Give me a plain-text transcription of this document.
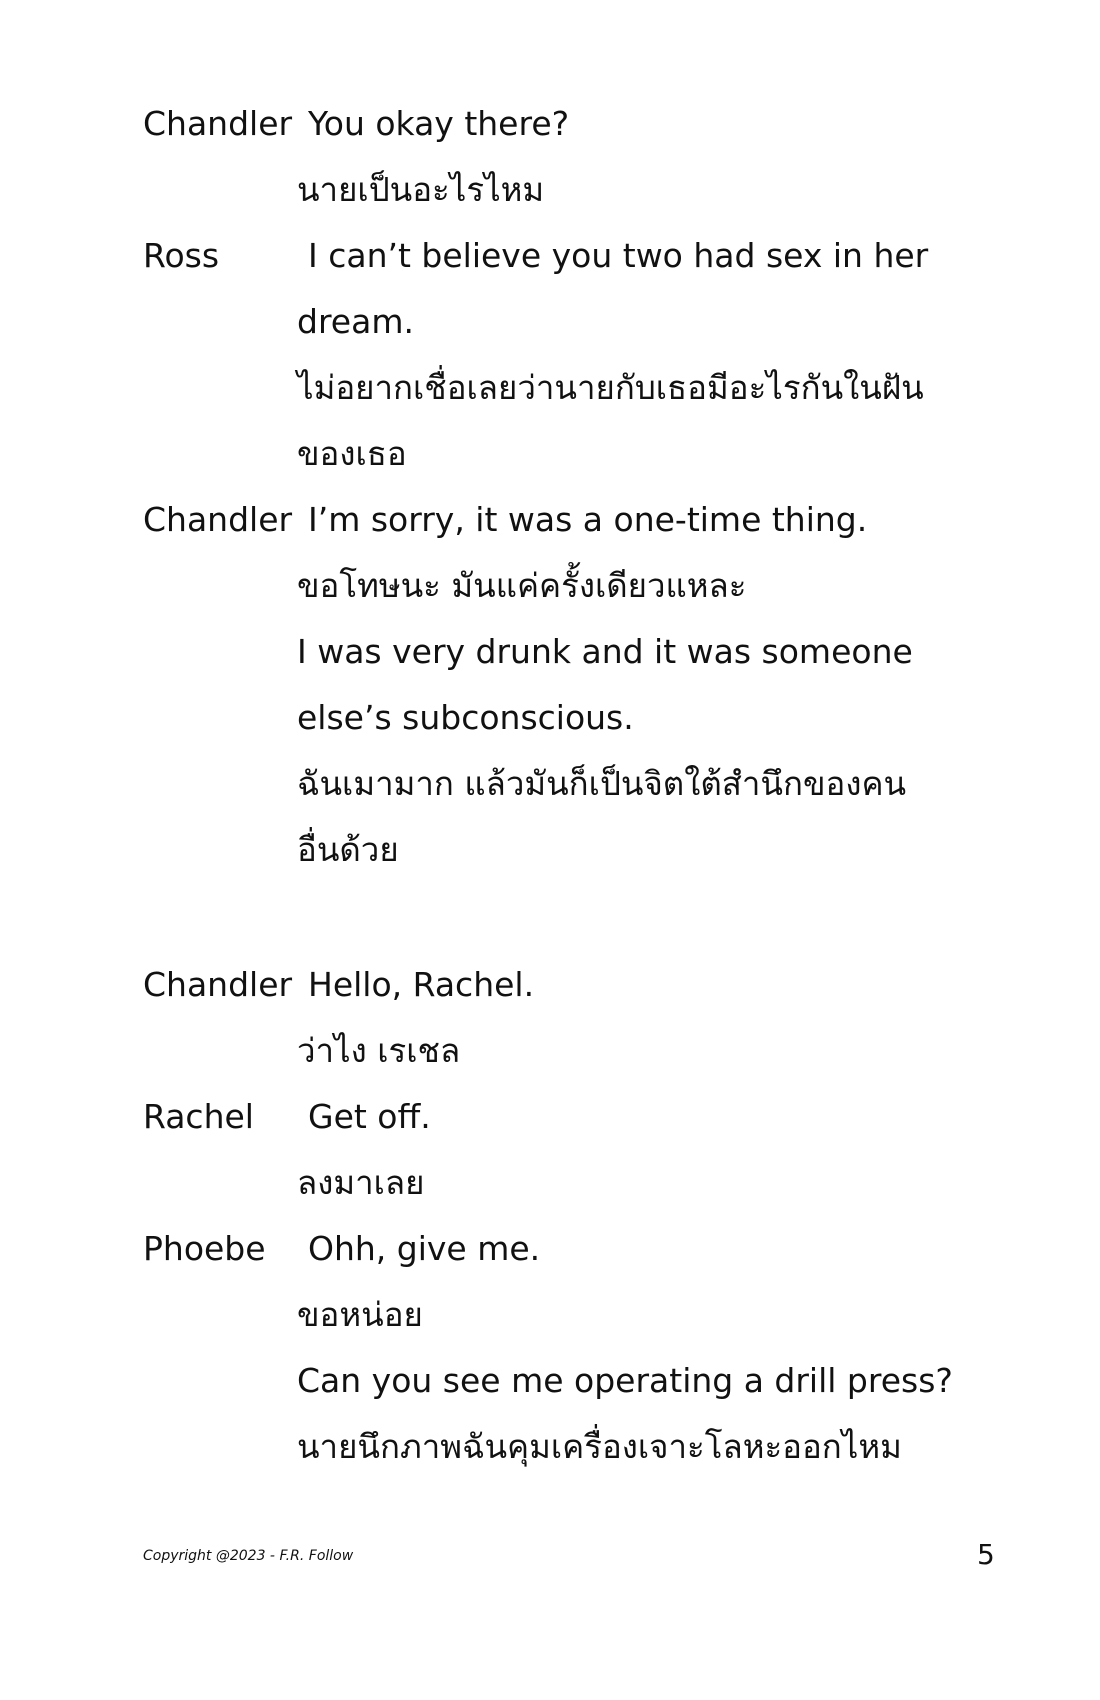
Chandler You okay there?
นายเป็นอะไรไหม
Ross	I can’t believe you two had sex in her
dream.
ไม่อยากเชื่อเลยว่านายกับเธอมีอะไรกันในฝัน
ของเธอ
Chandler I’m sorry, it was a one-time thing.
ขอโทษนะ มันแค่ครั้งเดียวแหละ
I was very drunk and it was someone
else’s subconscious.
ฉันเมามาก แล้วมันก็เป็นจิตใต้สำนึกของคน
อื่นด้วย
Chandler Hello, Rachel.
ว่าไง เรเชล
Rachel Get off.
ลงมาเลย
Phoebe Ohh, give me.
ขอหน่อย
Can you see me operating a drill press?
นายนึกภาพฉันคุมเครื่องเจาะโลหะออกไหม
Copyright @2023 - F.R. Follow	5
